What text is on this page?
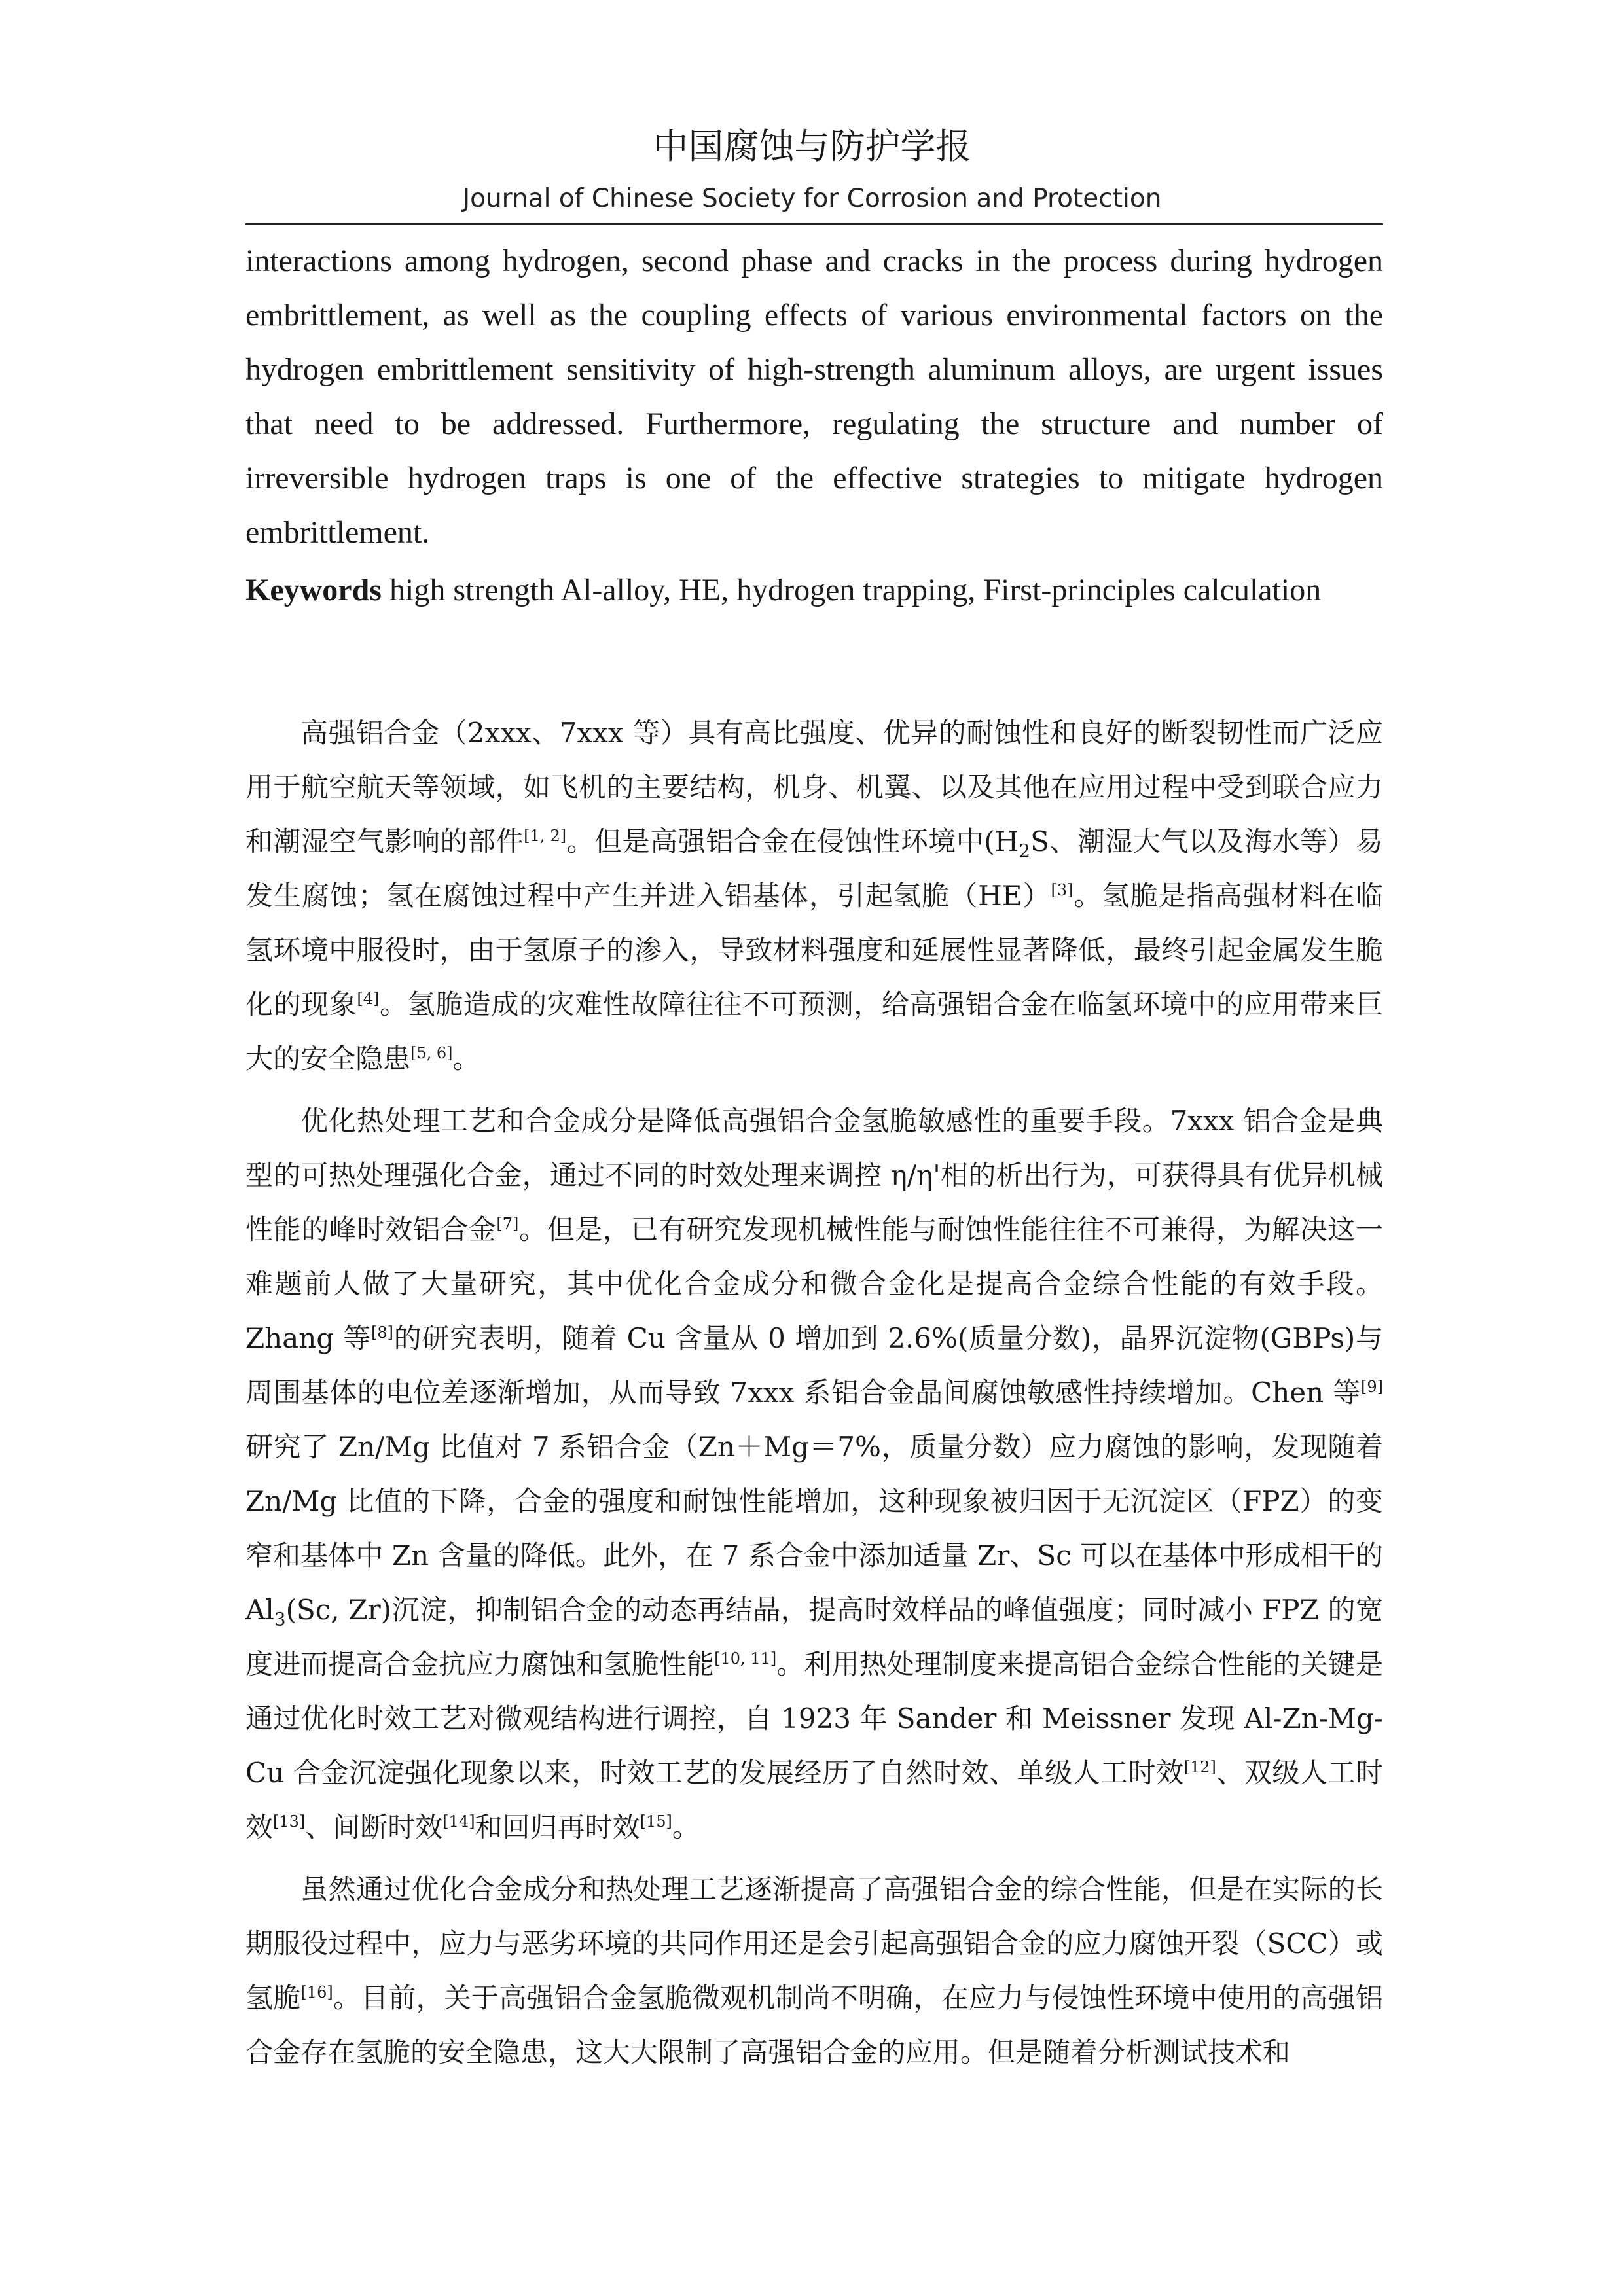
中国腐蚀与防护学报
Journal of Chinese Society for Corrosion and Protection

interactions among hydrogen, second phase and cracks in the process during hydrogen embrittlement, as well as the coupling effects of various environmental factors on the hydrogen embrittlement sensitivity of high-strength aluminum alloys, are urgent issues that need to be addressed. Furthermore, regulating the structure and number of irreversible hydrogen traps is one of the effective strategies to mitigate hydrogen embrittlement.

Keywords high strength Al-alloy, HE, hydrogen trapping, First-principles calculation

高强铝合金（2xxx、7xxx 等）具有高比强度、优异的耐蚀性和良好的断裂韧性而广泛应用于航空航天等领域，如飞机的主要结构，机身、机翼、以及其他在应用过程中受到联合应力和潮湿空气影响的部件[1, 2]。但是高强铝合金在侵蚀性环境中($H_2S$、潮湿大气以及海水等）易发生腐蚀；氢在腐蚀过程中产生并进入铝基体，引起氢脆（HE）[3]。氢脆是指高强材料在临氢环境中服役时，由于氢原子的渗入，导致材料强度和延展性显著降低，最终引起金属发生脆化的现象[4]。氢脆造成的灾难性故障往往不可预测，给高强铝合金在临氢环境中的应用带来巨大的安全隐患[5, 6]。

优化热处理工艺和合金成分是降低高强铝合金氢脆敏感性的重要手段。7xxx 铝合金是典型的可热处理强化合金，通过不同的时效处理来调控 η/η'相的析出行为，可获得具有优异机械性能的峰时效铝合金[7]。但是，已有研究发现机械性能与耐蚀性能往往不可兼得，为解决这一难题前人做了大量研究，其中优化合金成分和微合金化是提高合金综合性能的有效手段。Zhang 等[8]的研究表明，随着 Cu 含量从 0 增加到 2.6%(质量分数)，晶界沉淀物(GBPs)与周围基体的电位差逐渐增加，从而导致 7xxx 系铝合金晶间腐蚀敏感性持续增加。Chen 等[9]研究了 Zn/Mg 比值对 7 系铝合金（Zn＋Mg＝7%，质量分数）应力腐蚀的影响，发现随着 Zn/Mg 比值的下降，合金的强度和耐蚀性能增加，这种现象被归因于无沉淀区（FPZ）的变窄和基体中 Zn 含量的降低。此外，在 7 系合金中添加适量 Zr、Sc 可以在基体中形成相干的 $Al_3(Sc$, Zr)沉淀，抑制铝合金的动态再结晶，提高时效样品的峰值强度；同时减小 FPZ 的宽度进而提高合金抗应力腐蚀和氢脆性能[10, 11]。利用热处理制度来提高铝合金综合性能的关键是通过优化时效工艺对微观结构进行调控，自 1923 年 Sander 和 Meissner 发现 Al-Zn-Mg-Cu 合金沉淀强化现象以来，时效工艺的发展经历了自然时效、单级人工时效[12]、双级人工时效[13]、间断时效[14]和回归再时效[15]。

虽然通过优化合金成分和热处理工艺逐渐提高了高强铝合金的综合性能，但是在实际的长期服役过程中，应力与恶劣环境的共同作用还是会引起高强铝合金的应力腐蚀开裂（SCC）或氢脆[16]。目前，关于高强铝合金氢脆微观机制尚不明确，在应力与侵蚀性环境中使用的高强铝合金存在氢脆的安全隐患，这大大限制了高强铝合金的应用。但是随着分析测试技术和
